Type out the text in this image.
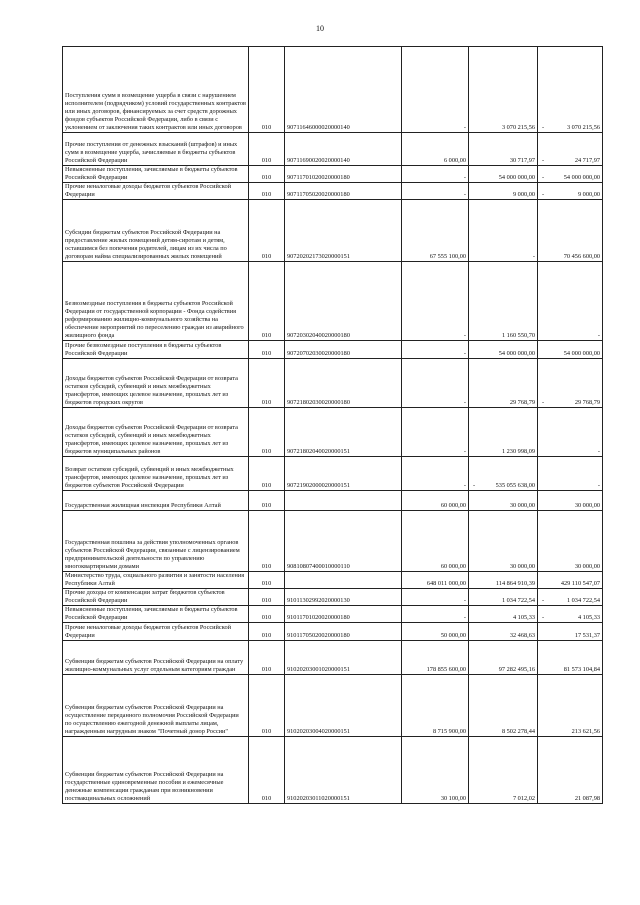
10
Поступления сумм в возмещение ущерба в связи с нарушением исполнителем (подрядчиком) условий государственных контрактов или иных договоров, финансируемых за счет средств дорожных фондов субъектов Российской Федерации, либо в связи с уклонением от заключения таких контрактов или иных договоров	010	90711646000020000140	-	3 070 215,56	- 3 070 215,56
Прочие поступления от денежных взысканий (штрафов) и иных сумм в возмещение ущерба, зачисляемые в бюджеты субъектов Российской Федерации	010	90711690020020000140	6 000,00	30 717,97	- 24 717,97
Невыясненные поступления, зачисляемые в бюджеты субъектов Российской Федерации	010	90711701020020000180	-	54 000 000,00	- 54 000 000,00
Прочие неналоговые доходы бюджетов субъектов Российской Федерации	010	90711705020020000180	-	9 000,00	- 9 000,00
Субсидии бюджетам субъектов Российской Федерации на предоставление жилых помещений детям-сиротам и детям, оставшимся без попечения родителей, лицам из их числа по договорам найма специализированных жилых помещений	010	90720202173020000151	67 555 100,00	-	70 456 600,00
Безвозмездные поступления в бюджеты субъектов Российской Федерации от государственной корпорации - Фонда содействия реформированию жилищно-коммунального хозяйства на обеспечение мероприятий по переселению граждан из аварийного жилищного фонда	010	90720302040020000180	-	1 160 550,70	-
Прочие безвозмездные поступления в бюджеты субъектов Российской Федерации	010	90720702030020000180	-	54 000 000,00	54 000 000,00
Доходы бюджетов субъектов Российской Федерации от возврата остатков субсидий, субвенций и иных межбюджетных трансфертов, имеющих целевое назначение, прошлых лет из бюджетов городских округов	010	90721802030020000180	-	29 768,79	- 29 768,79
Доходы бюджетов субъектов Российской Федерации от возврата остатков субсидий, субвенций и иных межбюджетных трансфертов, имеющих целевое назначение, прошлых лет из бюджетов муниципальных районов	010	90721802040020000151	-	1 230 998,09	-
Возврат остатков субсидий, субвенций и иных межбюджетных трансфертов, имеющих целевое назначение, прошлых лет из бюджетов субъектов Российской Федерации	010	90721902000020000151	-	- 535 055 638,00	-
Государственная жилищная инспекция Республики Алтай	010		60 000,00	30 000,00	30 000,00
Государственная пошлина за действия уполномоченных органов субъектов Российской Федерации, связанные с лицензированием предпринимательской деятельности по управлению многоквартирными домами	010	90810807400010000110	60 000,00	30 000,00	30 000,00
Министерство труда, социального развития и занятости населения Республики Алтай	010		648 011 000,00	114 864 910,39	429 110 547,07
Прочие доходы от компенсации затрат бюджетов субъектов Российской Федерации	010	91011302992020000130	-	1 034 722,54	- 1 034 722,54
Невыясненные поступления, зачисляемые в бюджеты субъектов Российской Федерации	010	91011701020020000180	-	4 105,33	- 4 105,33
Прочие неналоговые доходы бюджетов субъектов Российской Федерации	010	91011705020020000180	50 000,00	32 468,63	17 531,37
Субвенции бюджетам субъектов Российской Федерации на оплату жилищно-коммунальных услуг отдельным категориям граждан	010	91020203001020000151	178 855 600,00	97 282 495,16	81 573 104,84
Субвенции бюджетам субъектов Российской Федерации на осуществление переданного полномочия Российской Федерации по осуществлению ежегодной денежной выплаты лицам, награжденным нагрудным знаком "Почетный донор России"	010	91020203004020000151	8 715 900,00	8 502 278,44	213 621,56
Субвенции бюджетам субъектов Российской Федерации на государственные единовременные пособия и ежемесячные денежные компенсации гражданам при возникновении поствакцинальных осложнений	010	91020203011020000151	30 100,00	7 012,02	21 087,98
